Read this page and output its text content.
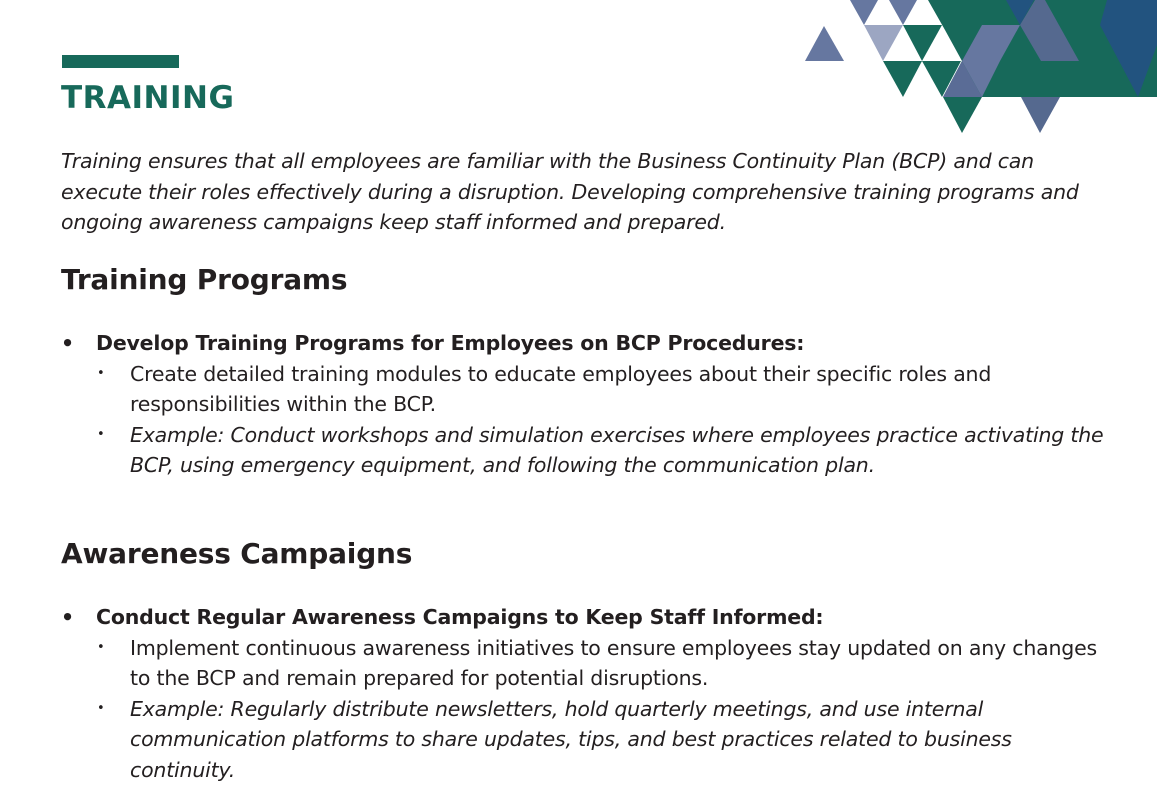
TRAINING

Training ensures that all employees are familiar with the Business Continuity Plan (BCP) and can execute their roles effectively during a disruption. Developing comprehensive training programs and ongoing awareness campaigns keep staff informed and prepared.

Training Programs
• Develop Training Programs for Employees on BCP Procedures:
• Create detailed training modules to educate employees about their specific roles and responsibilities within the BCP.
• Example: Conduct workshops and simulation exercises where employees practice activating the BCP, using emergency equipment, and following the communication plan.
Awareness Campaigns
• Conduct Regular Awareness Campaigns to Keep Staff Informed:
• Implement continuous awareness initiatives to ensure employees stay updated on any changes to the BCP and remain prepared for potential disruptions.
• Example: Regularly distribute newsletters, hold quarterly meetings, and use internal communication platforms to share updates, tips, and best practices related to business continuity.
